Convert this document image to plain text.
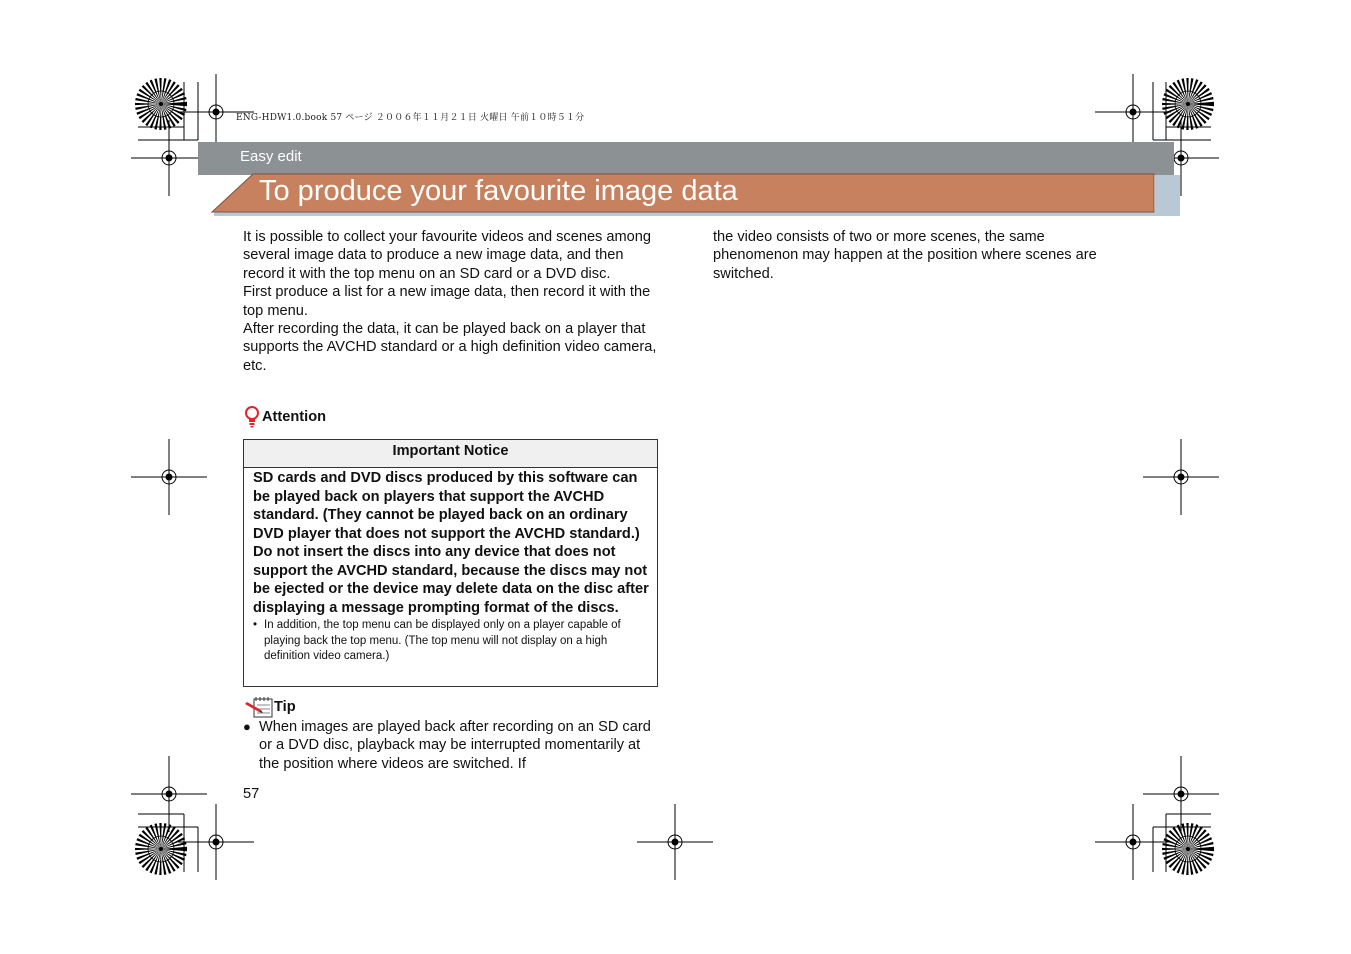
ENG-HDW1.0.book 57 ページ ２００６年１１月２１日 火曜日 午前１０時５１分
Easy edit
To produce your favourite image data

It is possible to collect your favourite videos and scenes among several image data to produce a new image data, and then record it with the top menu on an SD card or a DVD disc.

First produce a list for a new image data, then record it with the top menu.

After recording the data, it can be played back on a player that supports the AVCHD standard or a high definition video camera, etc.

Attention
Important Notice
SD cards and DVD discs produced by this software can be played back on players that support the AVCHD standard. (They cannot be played back on an ordinary DVD player that does not support the AVCHD standard.) Do not insert the discs into any device that does not support the AVCHD standard, because the discs may not be ejected or the device may delete data on the disc after displaying a message prompting format of the discs.
• In addition, the top menu can be displayed only on a player capable of playing back the top menu. (The top menu will not display on a high definition video camera.)
Tip
● When images are played back after recording on an SD card or a DVD disc, playback may be interrupted momentarily at the position where videos are switched. If
the video consists of two or more scenes, the same phenomenon may happen at the position where scenes are switched.
57
